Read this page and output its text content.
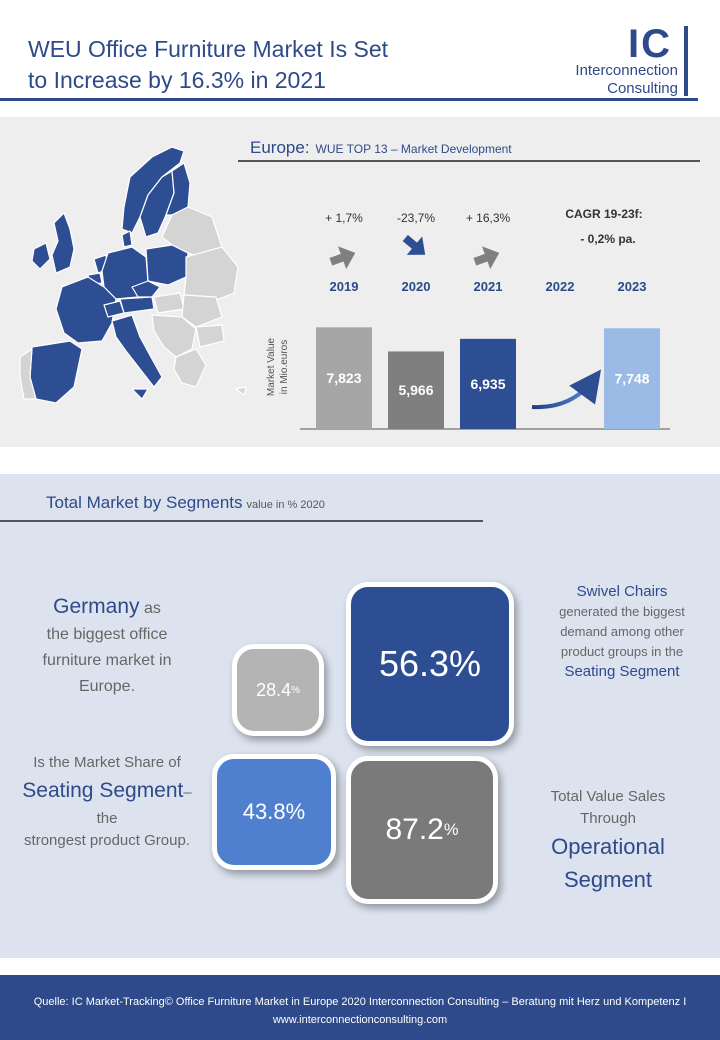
WEU Office Furniture Market Is Set
to Increase by 16.3% in 2021
IC
Interconnection
Consulting
Europe: WUE TOP 13 – Market Development
Market Value in Mio.euros
2019
7,823
2020
5,966
2021
6,935
2022	2023
7,748
+ 1,7%	-23,7%	+ 16,3%	CAGR 19-23f:
- 0,2% pa.
Total Market by Segments value in % 2020
Germany as
the biggest office furniture market in Europe.
Is the Market Share of
Seating Segment– the
strongest product Group.
Swivel Chairs
generated the biggest demand among other product groups in the
Seating Segment
Total Value Sales Through
Operational Segment
28.4 %
56.3%
43.8%
87.2 %
Quelle: IC Market-Tracking© Office Furniture Market in Europe 2020 Interconnection Consulting – Beratung mit Herz und Kompetenz I www.interconnectionconsulting.com
